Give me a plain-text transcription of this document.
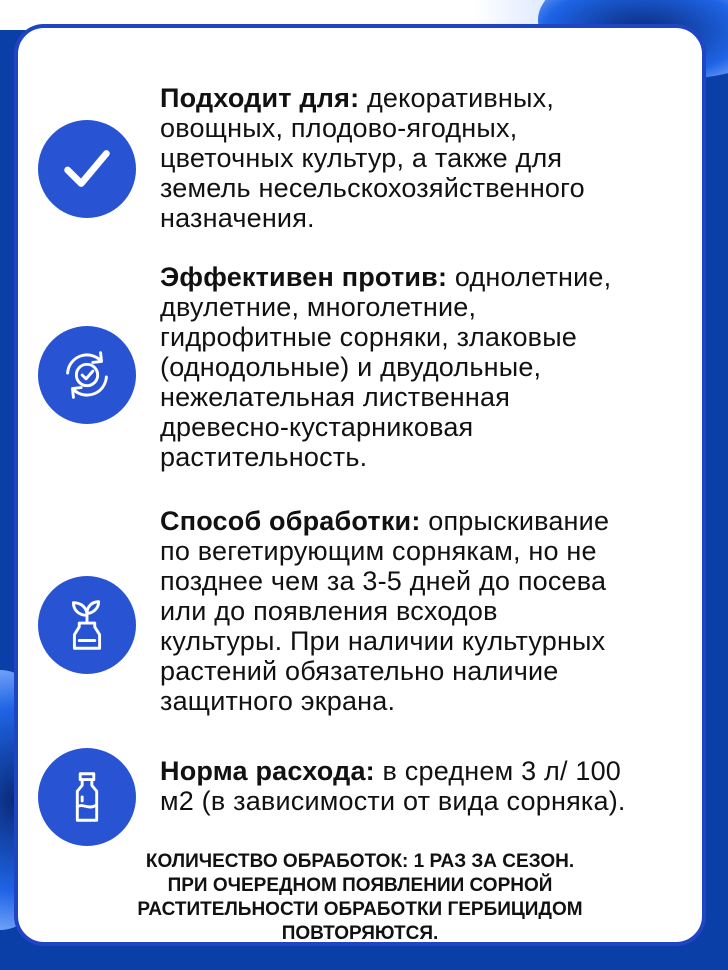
Подходит для: декоративных,
овощных, плодово-ягодных,
цветочных культур, а также для
земель несельскохозяйственного
назначения.
Эффективен против: однолетние,
двулетние, многолетние,
гидрофитные сорняки, злаковые
(однодольные) и двудольные,
нежелательная лиственная
древесно-кустарниковая
растительность.
Способ обработки: опрыскивание
по вегетирующим сорнякам, но не
позднее чем за 3-5 дней до посева
или до появления всходов
культуры. При наличии культурных
растений обязательно наличие
защитного экрана.
Норма расхода: в среднем 3 л/ 100
м2 (в зависимости от вида сорняка).
КОЛИЧЕСТВО ОБРАБОТОК: 1 РАЗ ЗА СЕЗОН.
ПРИ ОЧЕРЕДНОМ ПОЯВЛЕНИИ СОРНОЙ
РАСТИТЕЛЬНОСТИ ОБРАБОТКИ ГЕРБИЦИДОМ
ПОВТОРЯЮТСЯ.
